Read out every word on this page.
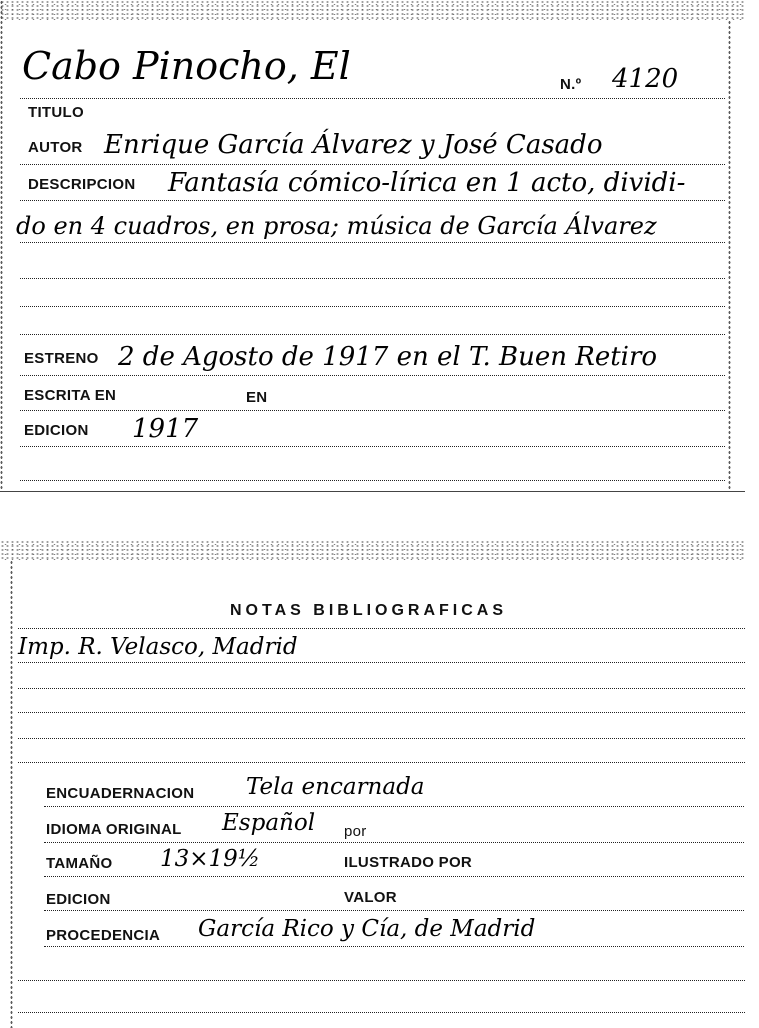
Cabo Pinocho, El	N.º 4120
TITULO
AUTOR Enrique García Álvarez y José Casado
DESCRIPCION Fantasía cómico-lírica en 1 acto, dividi-
do en 4 cuadros, en prosa; música de García Álvarez
ESTRENO 2 de Agosto de 1917 en el T. Buen Retiro
ESCRITA EN	EN
EDICION 1917
NOTAS BIBLIOGRAFICAS
Imp. R. Velasco, Madrid
ENCUADERNACION Tela encarnada
IDIOMA ORIGINAL Español por
TAMAÑO 13×19½	ILUSTRADO POR
EDICION	VALOR
PROCEDENCIA García Rico y Cía, de Madrid
